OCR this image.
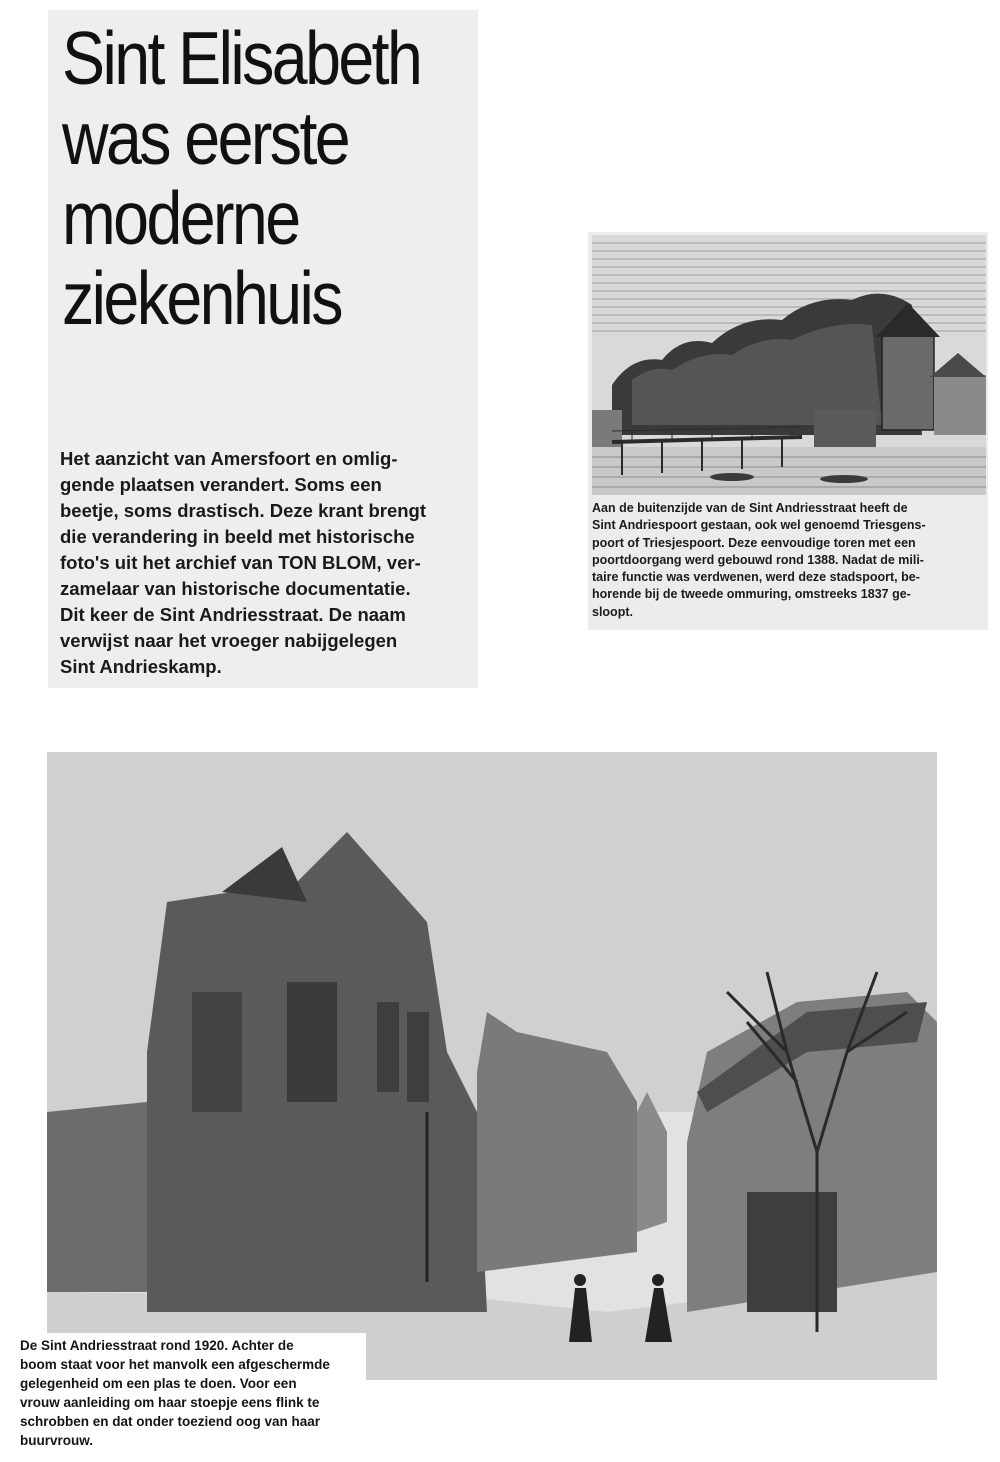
Sint Elisabeth
was eerste
moderne
ziekenhuis

Het aanzicht van Amersfoort en omlig-
gende plaatsen verandert. Soms een
beetje, soms drastisch. Deze krant brengt
die verandering in beeld met historische
foto's uit het archief van TON BLOM, ver-
zamelaar van historische documentatie.
Dit keer de Sint Andriesstraat. De naam
verwijst naar het vroeger nabijgelegen
Sint Andrieskamp.

Aan de buitenzijde van de Sint Andriesstraat heeft de
Sint Andriespoort gestaan, ook wel genoemd Triesgens-
poort of Triesjespoort. Deze eenvoudige toren met een
poortdoorgang werd gebouwd rond 1388. Nadat de mili-
taire functie was verdwenen, werd deze stadspoort, be-
horende bij de tweede ommuring, omstreeks 1837 ge-
sloopt.

De Sint Andriesstraat rond 1920. Achter de
boom staat voor het manvolk een afgeschermde
gelegenheid om een plas te doen. Voor een
vrouw aanleiding om haar stoepje eens flink te
schrobben en dat onder toeziend oog van haar
buurvrouw.
